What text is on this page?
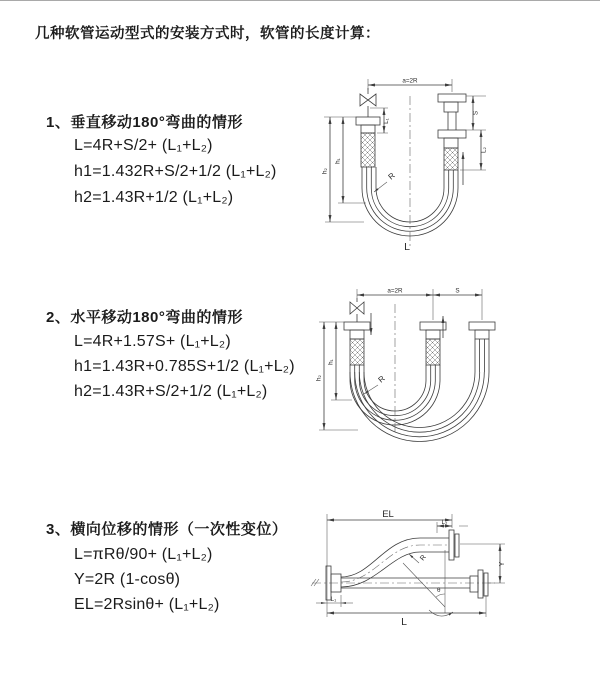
几种软管运动型式的安装方式时，软管的长度计算：
1、垂直移动180°弯曲的情形
L=4R+S/2+ (L₁+L₂)
h1=1.432R+S/2+1/2 (L₁+L₂)
h2=1.43R+1/2 (L₁+L₂)
2、水平移动180°弯曲的情形
L=4R+1.57S+ (L₁+L₂)
h1=1.43R+0.785S+1/2 (L₁+L₂)
h2=1.43R+S/2+1/2 (L₁+L₂)
3、横向位移的情形（一次性变位）
L=πRθ/90+ (L₁+L₂)
Y=2R (1-cosθ)
EL=2Rsinθ+ (L₁+L₂)
a=2R
L₁
S
L₂
h₁
h₂	R
L
a=2R	S
h₁
h₂	R
EL
L₂
Y
θ
R
L₁
L
